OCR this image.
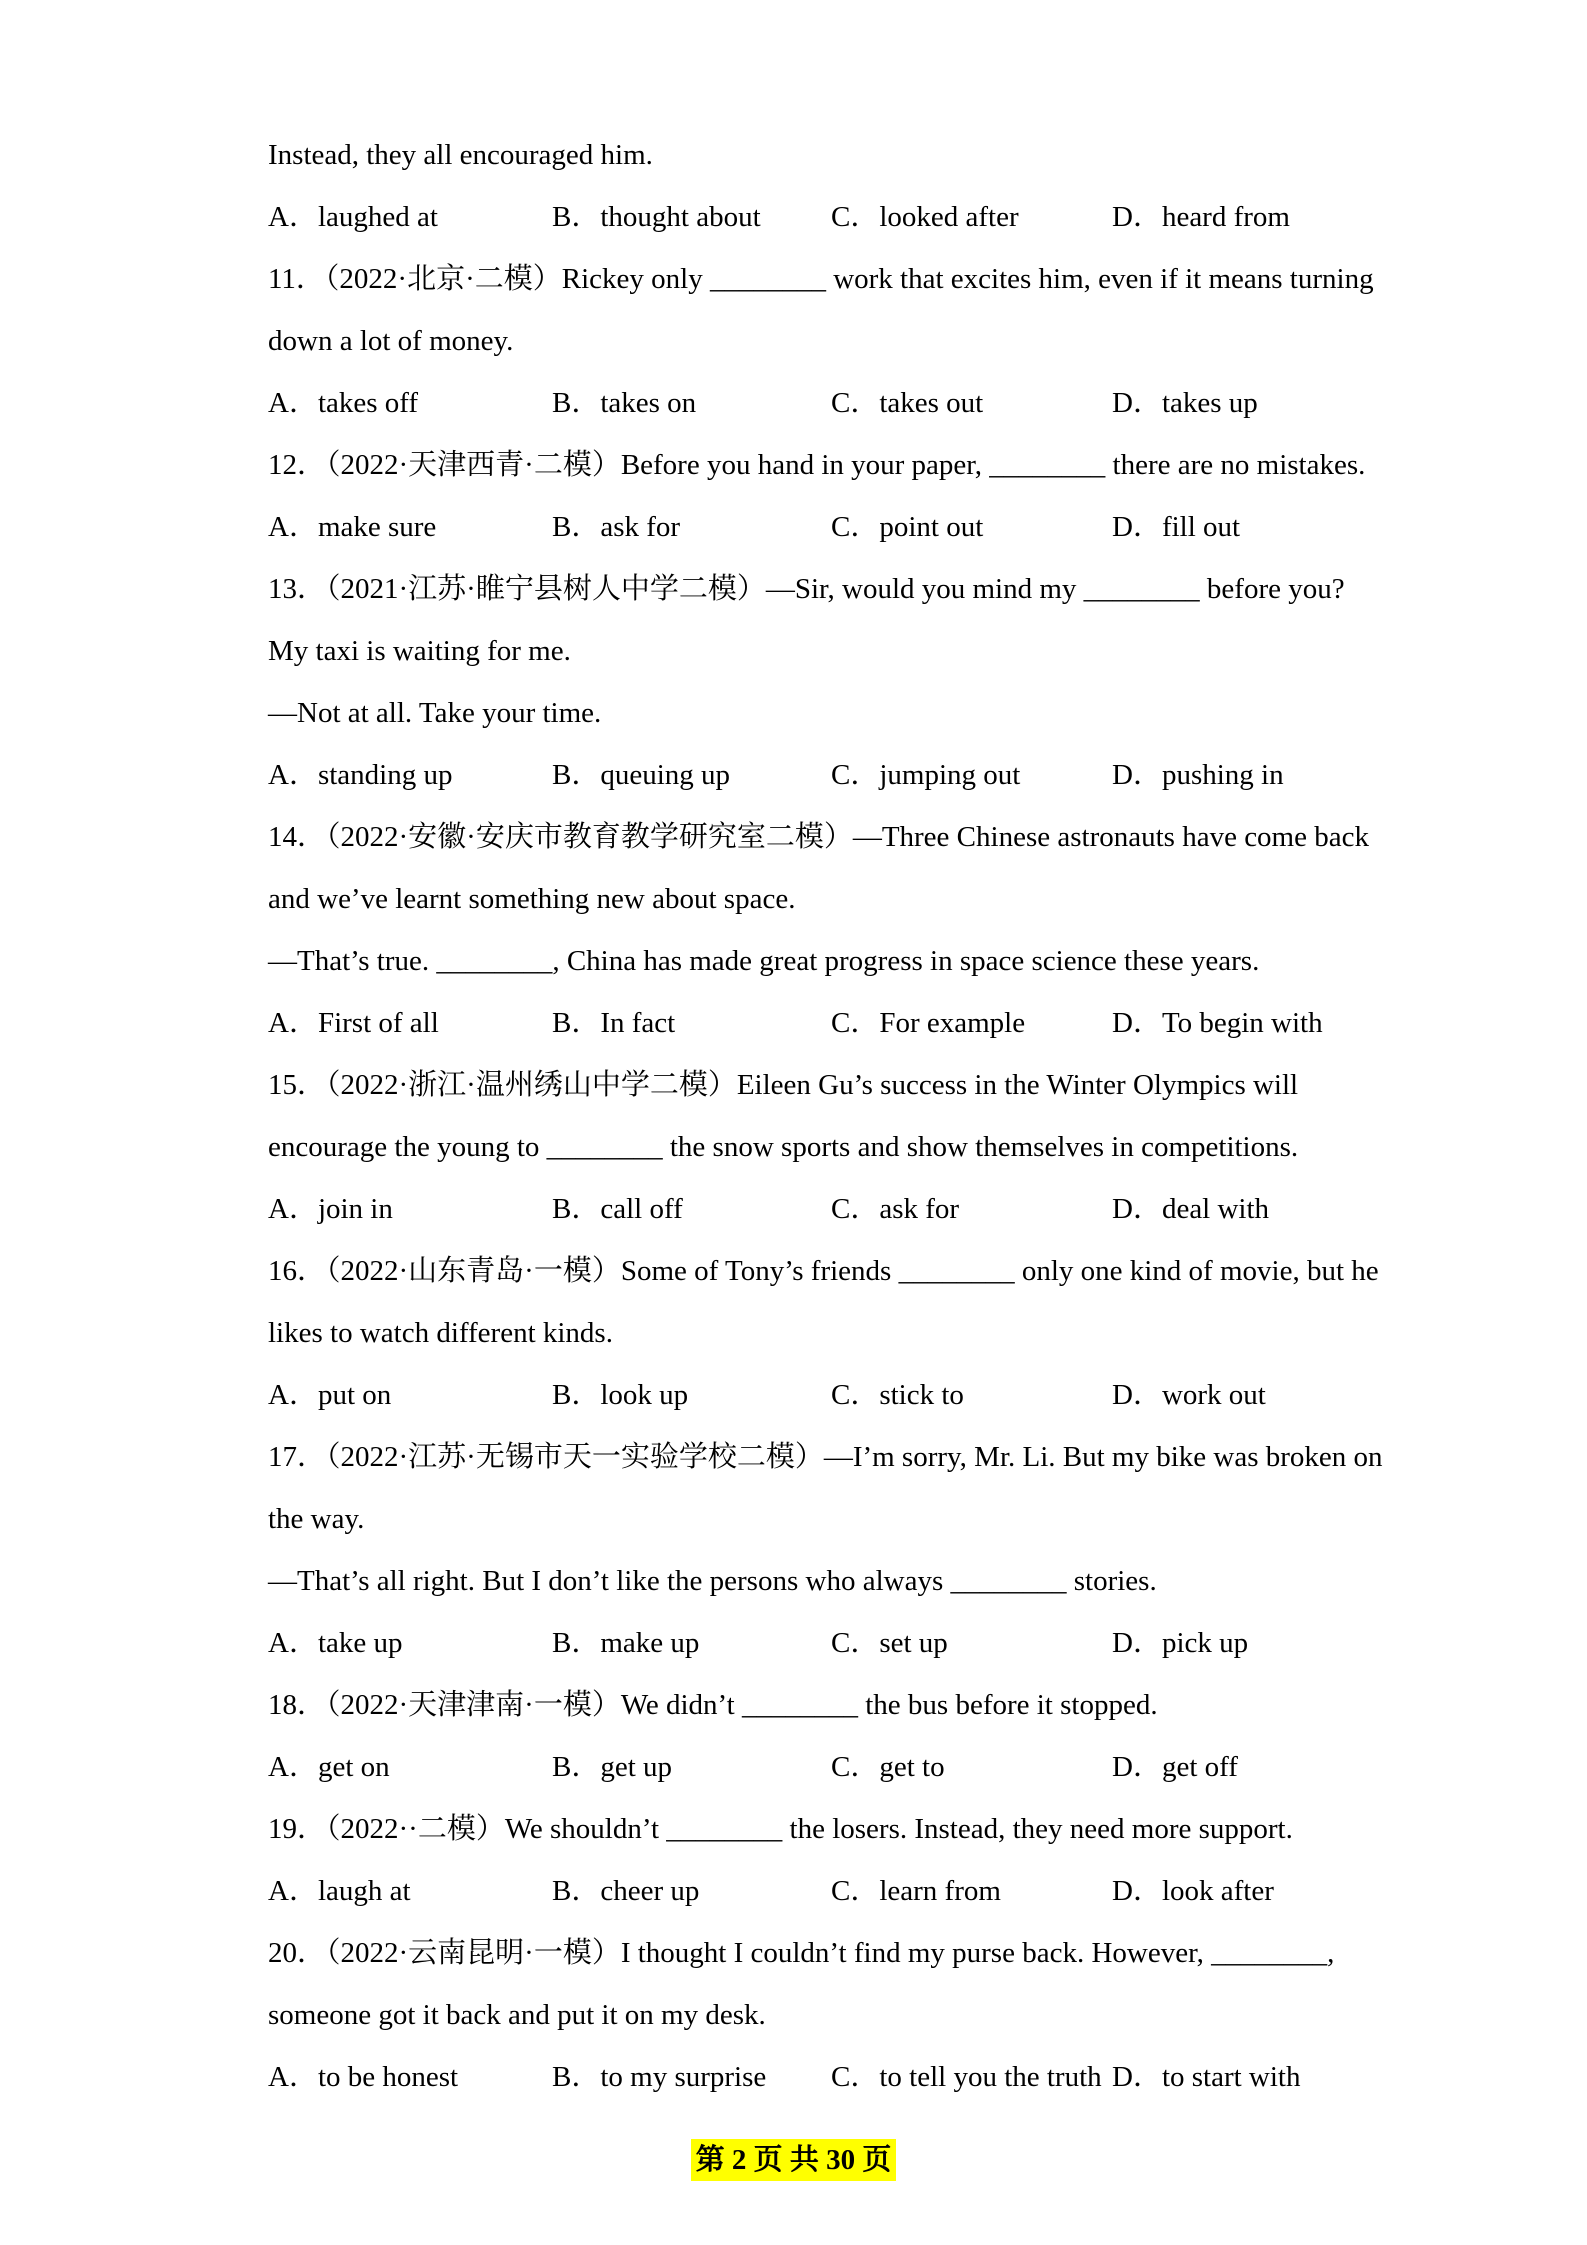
Instead, they all encouraged him.
A．laughed at	B．thought about C．looked after	D．heard from
11．（2022·北京·二模）Rickey only ________ work that excites him, even if it means turning
down a lot of money.
A．takes off	B．takes on	C．takes out	D．takes up
12．（2022·天津西青·二模）Before you hand in your paper, ________ there are no mistakes.
A．make sure	B．ask for	C．point out	D．fill out
13．（2021·江苏·睢宁县树人中学二模）—Sir, would you mind my ________ before you?
My taxi is waiting for me.
—Not at all. Take your time.
A．standing up	B．queuing up	C．jumping out	D．pushing in
14．（2022·安徽·安庆市教育教学研究室二模）—Three Chinese astronauts have come back
and we’ve learnt something new about space.
—That’s true. ________, China has made great progress in space science these years.
A．First of all	B．In fact	C．For example	D．To begin with
15．（2022·浙江·温州绣山中学二模）Eileen Gu’s success in the Winter Olympics will
encourage the young to ________ the snow sports and show themselves in competitions.
A．join in	B．call off	C．ask for	D．deal with
16．（2022·山东青岛·一模）Some of Tony’s friends ________ only one kind of movie, but he
likes to watch different kinds.
A．put on	B．look up	C．stick to	D．work out
17．（2022·江苏·无锡市天一实验学校二模）—I’m sorry, Mr. Li. But my bike was broken on
the way.
—That’s all right. But I don’t like the persons who always ________ stories.
A．take up	B．make up	C．set up	D．pick up
18．（2022·天津津南·一模）We didn’t ________ the bus before it stopped.
A．get on	B．get up	C．get to	D．get off
19．（2022··二模）We shouldn’t ________ the losers. Instead, they need more support.
A．laugh at	B．cheer up	C．learn from	D．look after
20．（2022·云南昆明·一模）I thought I couldn’t find my purse back. However, ________,
someone got it back and put it on my desk.
A．to be honest	B．to my surprise C．to tell you the truth D．to start with
第 2 页 共 30 页
